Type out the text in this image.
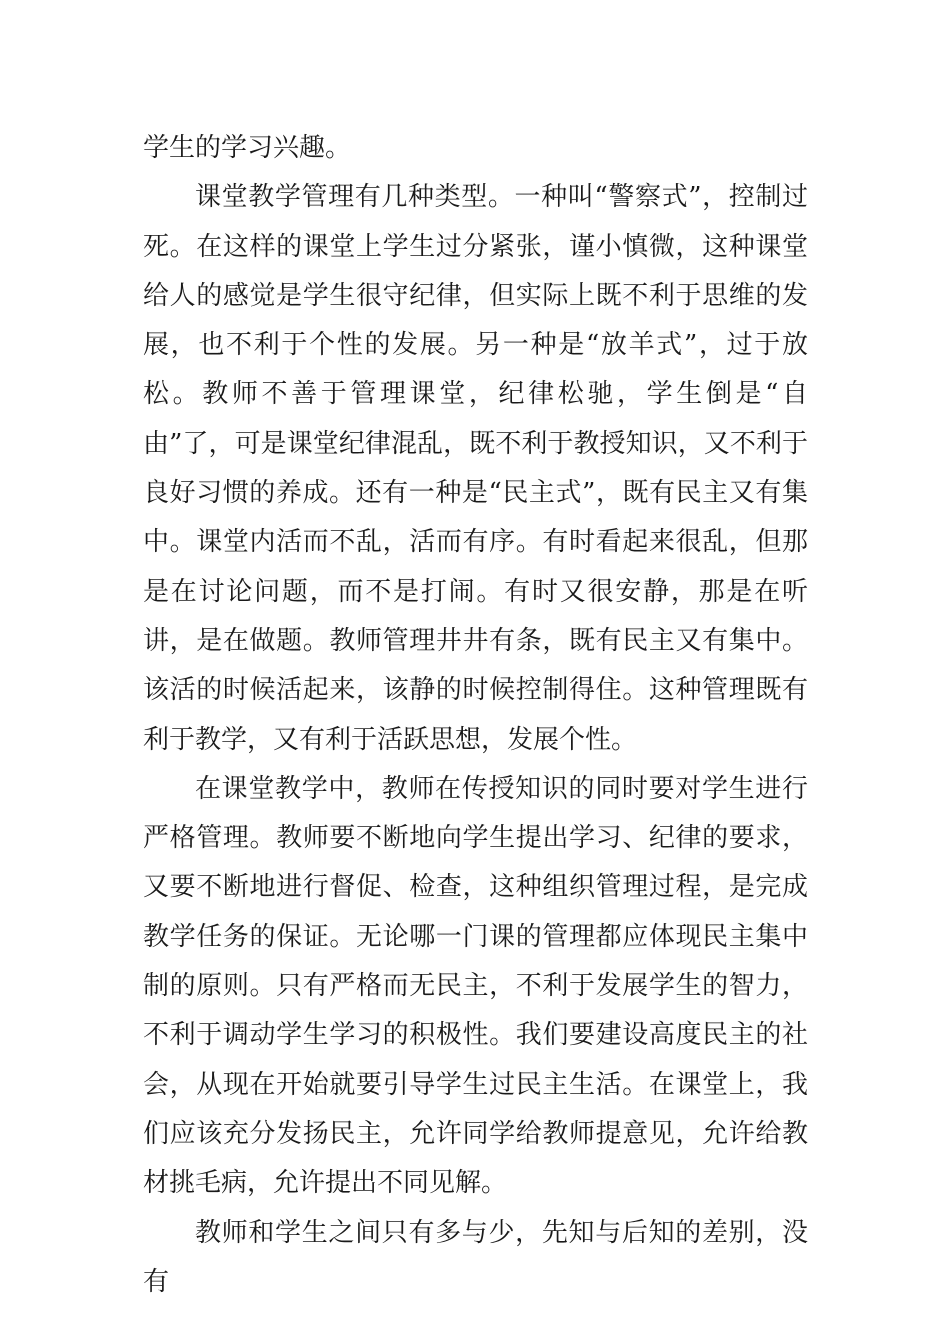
学生的学习兴趣。

课堂教学管理有几种类型。一种叫“警察式”，控制过死。在这样的课堂上学生过分紧张，谨小慎微，这种课堂给人的感觉是学生很守纪律，但实际上既不利于思维的发展，也不利于个性的发展。另一种是“放羊式”，过于放松。教师不善于管理课堂，纪律松驰，学生倒是“自由”了，可是课堂纪律混乱，既不利于教授知识，又不利于良好习惯的养成。还有一种是“民主式”，既有民主又有集中。课堂内活而不乱，活而有序。有时看起来很乱，但那是在讨论问题，而不是打闹。有时又很安静，那是在听讲，是在做题。教师管理井井有条，既有民主又有集中。该活的时候活起来，该静的时候控制得住。这种管理既有利于教学，又有利于活跃思想，发展个性。

在课堂教学中，教师在传授知识的同时要对学生进行严格管理。教师要不断地向学生提出学习、纪律的要求，又要不断地进行督促、检查，这种组织管理过程，是完成教学任务的保证。无论哪一门课的管理都应体现民主集中制的原则。只有严格而无民主，不利于发展学生的智力，不利于调动学生学习的积极性。我们要建设高度民主的社会，从现在开始就要引导学生过民主生活。在课堂上，我们应该充分发扬民主，允许同学给教师提意见，允许给教材挑毛病，允许提出不同见解。

教师和学生之间只有多与少，先知与后知的差别，没有
